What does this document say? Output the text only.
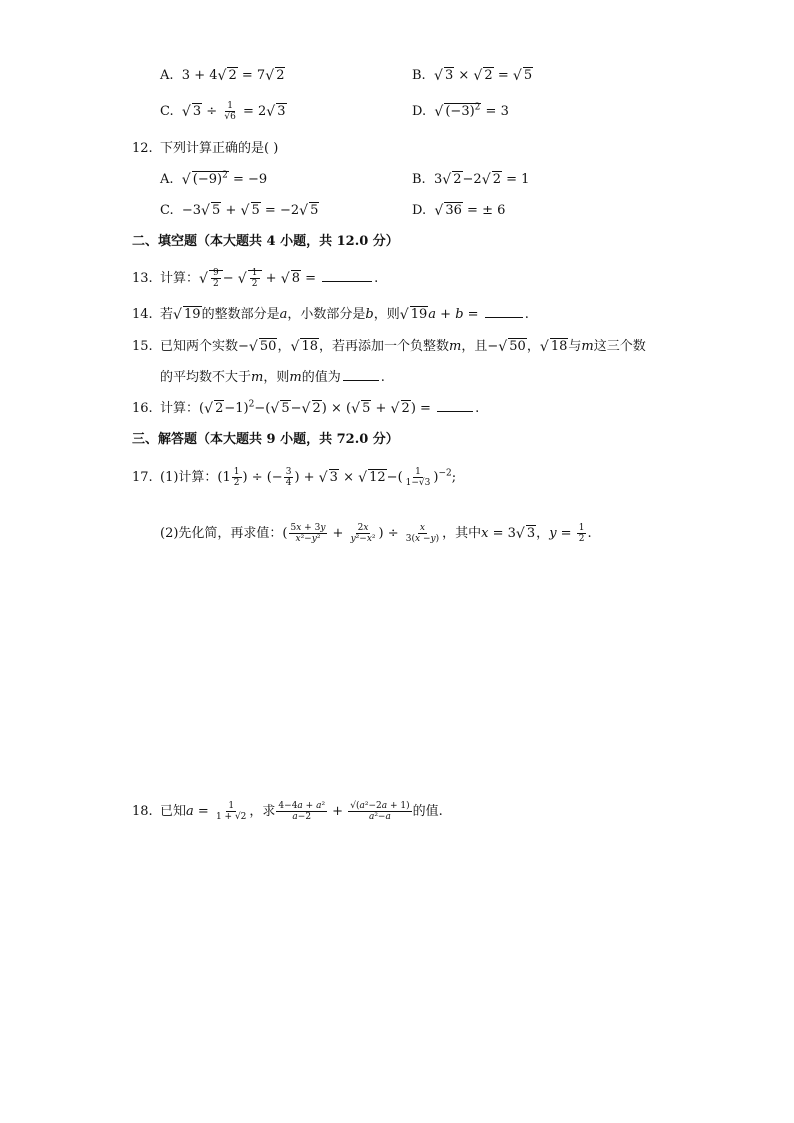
A.  3 + 4√ 2 = 7√ 2	B.  √ 3 × √ 2 = √ 5
C.  √ $3 \div \frac{1}{√6} = 2√$ 3	D.  √ $(-3)^2 = 3$
12. 下列计算正确的是( )
A.  √ $(-9)^2 = -9$	B.  3√ 2−2√ 2 = 1
C.  −3√ 5 + √ 5 = −2√ 5	D.  √ 36 = ± 6
二、填空题（本大题共 4 小题，共 12.0 分）
13. 计算：
√ $\frac{9}{2}$ −
√ $\frac{1}{2}$ + √ 8 =	.
14. 若√ 19的整数部分是a，小数部分是b，则√ 19a + b =	.
15. 已知两个实数−√ 50，√ 18，若再添加一个负整数m，且−√ 50，√ 18与m这三个数
的平均数不大于m，则m的值为	.
16. 计算：(√ 2−1)$^2$−(√ 5−√ 2) × (√ 5 + √ 2) =	.
三、解答题（本大题共 9 小题，共 72.0 分）
17. (1)计算：($1 \frac{1}{2}$ ) ÷ (− $\frac{3}{4}$ ) + √ 3 × √ $12-( \frac{1}{1-√3} )^{-2}$;
(2)先化简，再求值：( $\frac{5x + 3y}{\text{x²−y²}} + \frac{2x}{\text{y²−x²}}$ ) ÷ $\frac{x}{3(x -y)}$ ，其中x = 3√ 3，$y = \frac{1}{2}$ .
18. 已知$a = \frac{1}{1 + √2}$ ，求 $\frac{\text{4−4a + a²}}{a-2} + \frac{\text{√(a²−2a + 1)}}{\text{a²−a}}$ 的值.
